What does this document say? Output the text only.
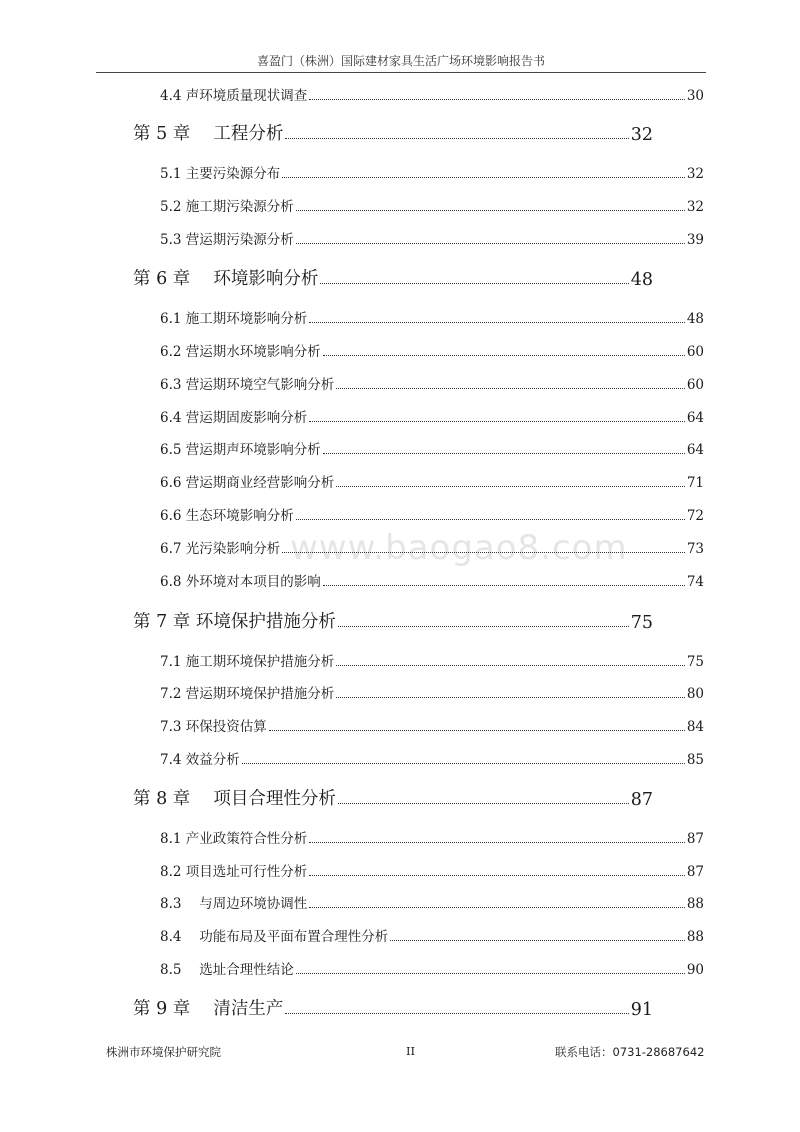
喜盈门（株洲）国际建材家具生活广场环境影响报告书
www.baogao8.com
4.4 声环境质量现状调查	30
第 5 章　 工程分析	32
5.1 主要污染源分布	32
5.2 施工期污染源分析	32
5.3 营运期污染源分析	39
第 6 章　 环境影响分析	48
6.1 施工期环境影响分析	48
6.2 营运期水环境影响分析	60
6.3 营运期环境空气影响分析	60
6.4 营运期固废影响分析	64
6.5 营运期声环境影响分析	64
6.6 营运期商业经营影响分析	71
6.6 生态环境影响分析	72
6.7 光污染影响分析	73
6.8 外环境对本项目的影响	74
第 7 章 环境保护措施分析	75
7.1 施工期环境保护措施分析	75
7.2 营运期环境保护措施分析	80
7.3 环保投资估算	84
7.4 效益分析	85
第 8 章　 项目合理性分析	87
8.1 产业政策符合性分析	87
8.2 项目选址可行性分析	87
8.3　 与周边环境协调性	88
8.4　 功能布局及平面布置合理性分析	88
8.5　 选址合理性结论	90
第 9 章　 清洁生产	91
株洲市环境保护研究院	II	联系电话：0731-28687642
